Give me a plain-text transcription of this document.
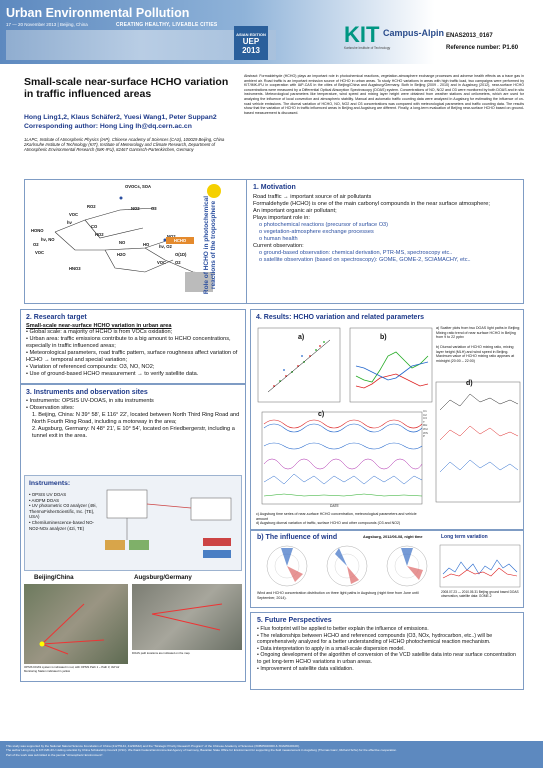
Urban Environmental Pollution
17 — 20 November 2013 | Beijing, China	CREATING HEALTHY, LIVEABLE CITIES
ASIAN EDITION
UEP
2013
KIT
Karlsruhe Institute of Technology
Campus-Alpin ENAS2013_0167
Reference number: P1.60
Small-scale near-surface HCHO variation in traffic influenced areas
Hong Ling1,2, Klaus Schäfer2, Yuesi Wang1, Peter Suppan2
Corresponding author: Hong Ling lh@dq.cern.ac.cn
1LAPC, Institute of Atmospheric Physics (IAP), Chinese Academy of Sciences (CAS), 100029 Beijing, China
2Karlsruhe Institute of Technology (KIT), Institute of Meteorology and Climate Research, Department of Atmospheric Environmental Research (IMK-IFU), 82467 Garmisch-Partenkirchen, Germany
Abstract: Formaldehyde (HCHO) plays an important role in photochemical reactions, vegetation-atmosphere exchange processes and adverse health effects as a trace gas in ambient air. Road traffic is an important emission source of HCHO in urban areas. To study HCHO variations in areas with high traffic load, two campaigns were performed by KIT/IMK-IFU in cooperation with IAP-CAS in the cities of Beijing/China and Augsburg/Germany. Both in Beijing (2009 - 2010) and in Augsburg (2012), near-surface HCHO concentrations were measured by a Differential Optical Absorption Spectroscopy (DOAS) system. Concentrations of NO, NO2 and O3 were monitored by both DOAS and in situ instruments. Meteorological parameters like temperature, wind speed and mixing layer height were obtained from weather stations and ceilometers, which are used for analyzing the influence of local convection and atmospheric stability. Manual and automatic traffic counting data were analyzed in Augsburg for estimating the influence of on-road vehicle emissions. The diurnal variation of HCHO, NO, NO2 and O3 concentrations was compared with meteorological parameters and traffic counting data. The results show that the variation of HCHO in traffic influenced areas in Beijing and Augsburg are different. Finally, a long-term evaluation of Beijing near-surface HCHO based on ground-based measurement is discussed.
OVOCs, SOA
RO2	NO2	O3
HO2
hν
VOC
CO
HONO
hν, NO
O2	NO	HO hν, O2
HCHO
VOC
HNO3
VOC O2
H2O	O(1D)	Role of HCHO in photochemical reactions of the troposphere
1. Motivation
Road traffic → important source of air pollutants
Formaldehyde (HCHO) is one of the main carbonyl compounds in the near surface atmosphere;
An important organic air pollutant;
Plays important role in:
o photochemical reactions (precursor of surface O3)
o vegetation-atmosphere exchange processes
o human health
Current observation:
o ground-based observation: chemical derivation, PTR-MS, spectroscopy etc..
o satellite observation (based on spectroscopy): GOME, GOME-2, SCIAMACHY, etc..
2. Research target
Small-scale near-surface HCHO variation in urban area
• Global scale: a majority of HCHO is from VOCs oxidation;
• Urban area: traffic emissions contribute to a big amount to HCHO concentrations, especially in traffic influenced areas;
• Meteorological parameters, road traffic pattern, surface roughness affect variation of HCHO → temporal and special variation;
• Variation of referenced compounds: O3, NO, NO2;
• Use of ground-based HCHO measurement → to verify satellite data.
3. Instruments and observation sites
• Instruments: OPSIS UV-DOAS, in situ instruments
• Observation sites:
1. Beijing, China: N 39° 58', E 116° 22', located between North Third Ring Road and North Fourth Ring Road, including a motorway in the area;
2. Augsburg, Germany: N 48° 21', E 10° 54', located on Friedbergerstr, including a tunnel exit in the area.
Instruments:
• OPSIS UV DOAS
• AIOFM DOAS
• UV photometric O3 analyzer (49i, ThermoFisherScientific, Inc. (TE), USA)
• Chemiluminescence-based NO-NO2-NOx analyzer (42i, TE)
Beijing/China	Augsburg/Germany
OPSIS DOAS system is indicated in red, with OPSIS Path 1 ~ Path 3; IAP Air Monitoring Station indicated in yellow
DOAS path locations are indicated on the map.
4. Results: HCHO variation and related parameters
a)	b)
a) Scatter plots from two DOAS light paths in Beijing; Mixing ratio trend of near surface HCHO in Beijing from 9 to 22 ppbv
b) Diurnal variation of HCHO mixing ratio, mixing layer height (MLH) and wind speed in Beijing. Maximum value of HCHO mixing ratio appears at midnight (20:00 – 22:00)
c)	C1
C2
C3
T
RH
Wd
WS
P
DATE
d)
c) Augsburg time series of near-surface HCHO concentration, meteorological parameters and vehicle amount
d) Augsburg diurnal variation of traffic, surface HCHO and other compounds (O3 and NO2)
b) The influence of wind	Augsburg, 2012/06-08, night time
Wind and HCHO concentration distribution on three light paths in Augsburg (night time from June until September, 2014).
Long term variation
2008.07.23 — 2010.05.31 Beijing ground based DOAS observation, satellite data: GOME-2
5. Future Perspectives
• Flux footprint will be applied to better explain the influence of emissions.
• The relationships between HCHO and referenced compounds (O3, NOx, hydrocarbon, etc..) will be comprehensively analyzed for a better understanding of HCHO photochemical reaction mechanism.
• Data interpretation to apply in a small-scale dispersion model.
• Ongoing development of the algorithm of conversion of the VCD satellite data into near surface concentration to get long-term HCHO variations in urban areas.
• Improvement of satellite data validation.
This study was supported by the National Natural Science Foundation of China (41275144, 41230642) and the "Strategic Priority Research Program" of the Chinese Academy of Sciences (XDB05020000 & XDA05100100).
The author Hong Ling is KIT-IMK-IFU visiting scientist by China Scholarship Council (CSC). We thank Federal Environmental Agency of Germany, Bavarian State Office for Environment for supporting the field measurement in Augsburg (Thomas Ganz, Richard Schu) for the effective cooperation.
Part of the work was submitted to the journal "Atmospheric Environment".
